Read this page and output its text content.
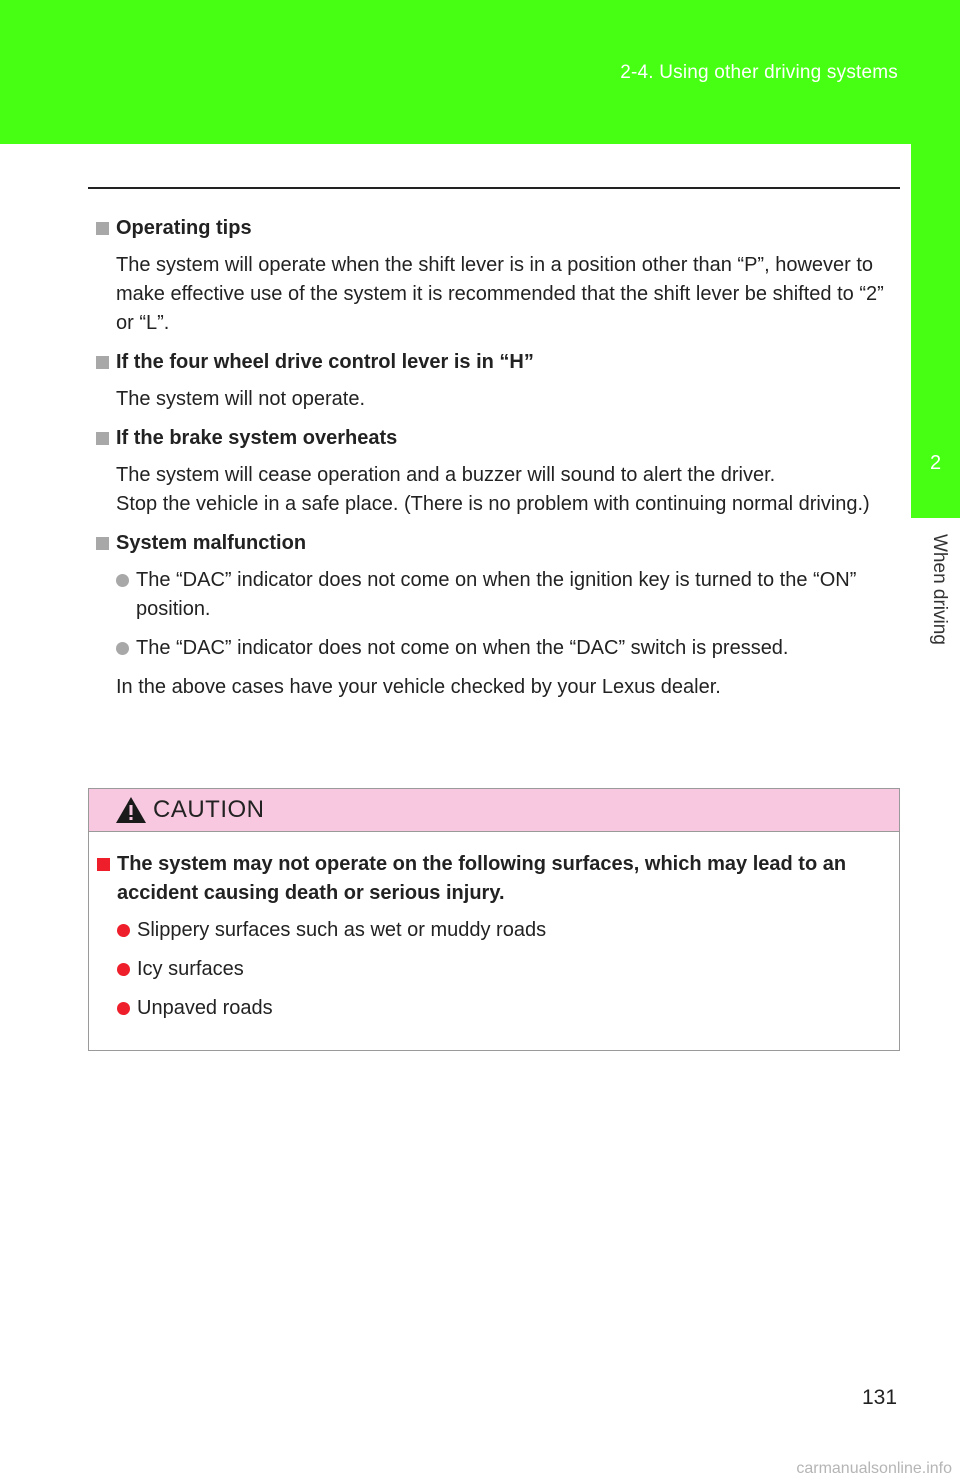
2-4. Using other driving systems
2
When driving
Operating tips
The system will operate when the shift lever is in a position other than “P”, however to make effective use of the system it is recommended that the shift lever be shifted to “2” or “L”.
If the four wheel drive control lever is in “H”
The system will not operate.
If the brake system overheats
The system will cease operation and a buzzer will sound to alert the driver.
Stop the vehicle in a safe place. (There is no problem with continuing normal driving.)
System malfunction
The “DAC” indicator does not come on when the ignition key is turned to the “ON” position.
The “DAC” indicator does not come on when the “DAC” switch is pressed.
In the above cases have your vehicle checked by your Lexus dealer.
CAUTION
The system may not operate on the following surfaces, which may lead to an accident causing death or serious injury.
Slippery surfaces such as wet or muddy roads
Icy surfaces
Unpaved roads
131
carmanualsonline.info
